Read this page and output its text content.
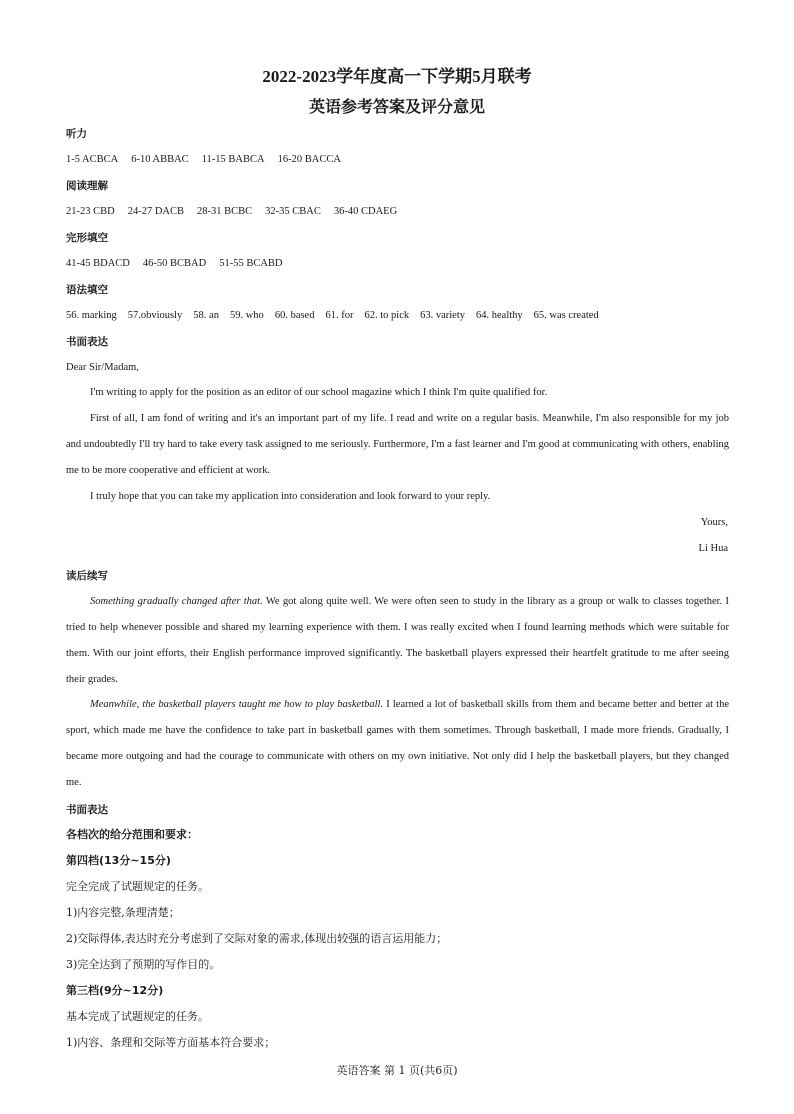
2022-2023学年度高一下学期5月联考
英语参考答案及评分意见
听力
1-5 ACBCA 6-10 ABBAC 11-15 BABCA 16-20 BACCA
阅读理解
21-23 CBD 24-27 DACB 28-31 BCBC 32-35 CBAC 36-40 CDAEG
完形填空
41-45 BDACD 46-50 BCBAD 51-55 BCABD
语法填空
56. marking 57.obviously 58. an 59. who 60. based 61. for 62. to pick 63. variety 64. healthy 65. was created
书面表达
Dear Sir/Madam,
I'm writing to apply for the position as an editor of our school magazine which I think I'm quite qualified for.
First of all, I am fond of writing and it's an important part of my life. I read and write on a regular basis. Meanwhile, I'm also responsible for my job and undoubtedly I'll try hard to take every task assigned to me seriously. Furthermore, I'm a fast learner and I'm good at communicating with others, enabling me to be more cooperative and efficient at work.
I truly hope that you can take my application into consideration and look forward to your reply.
Yours,
Li Hua
读后续写
Something gradually changed after that. We got along quite well. We were often seen to study in the library as a group or walk to classes together. I tried to help whenever possible and shared my learning experience with them. I was really excited when I found learning methods which were suitable for them. With our joint efforts, their English performance improved significantly. The basketball players expressed their heartfelt gratitude to me after seeing their grades.
Meanwhile, the basketball players taught me how to play basketball. I learned a lot of basketball skills from them and became better and better at the sport, which made me have the confidence to take part in basketball games with them sometimes. Through basketball, I made more friends. Gradually, I became more outgoing and had the courage to communicate with others on my own initiative. Not only did I help the basketball players, but they changed me.
书面表达
各档次的给分范围和要求：
第四档(13分~15分)
完全完成了试题规定的任务。
1)内容完整,条理清楚；
2)交际得体,表达时充分考虑到了交际对象的需求,体现出较强的语言运用能力；
3)完全达到了预期的写作目的。
第三档(9分~12分)
基本完成了试题规定的任务。
1)内容、条理和交际等方面基本符合要求；
英语答案 第 1 页(共6页)
